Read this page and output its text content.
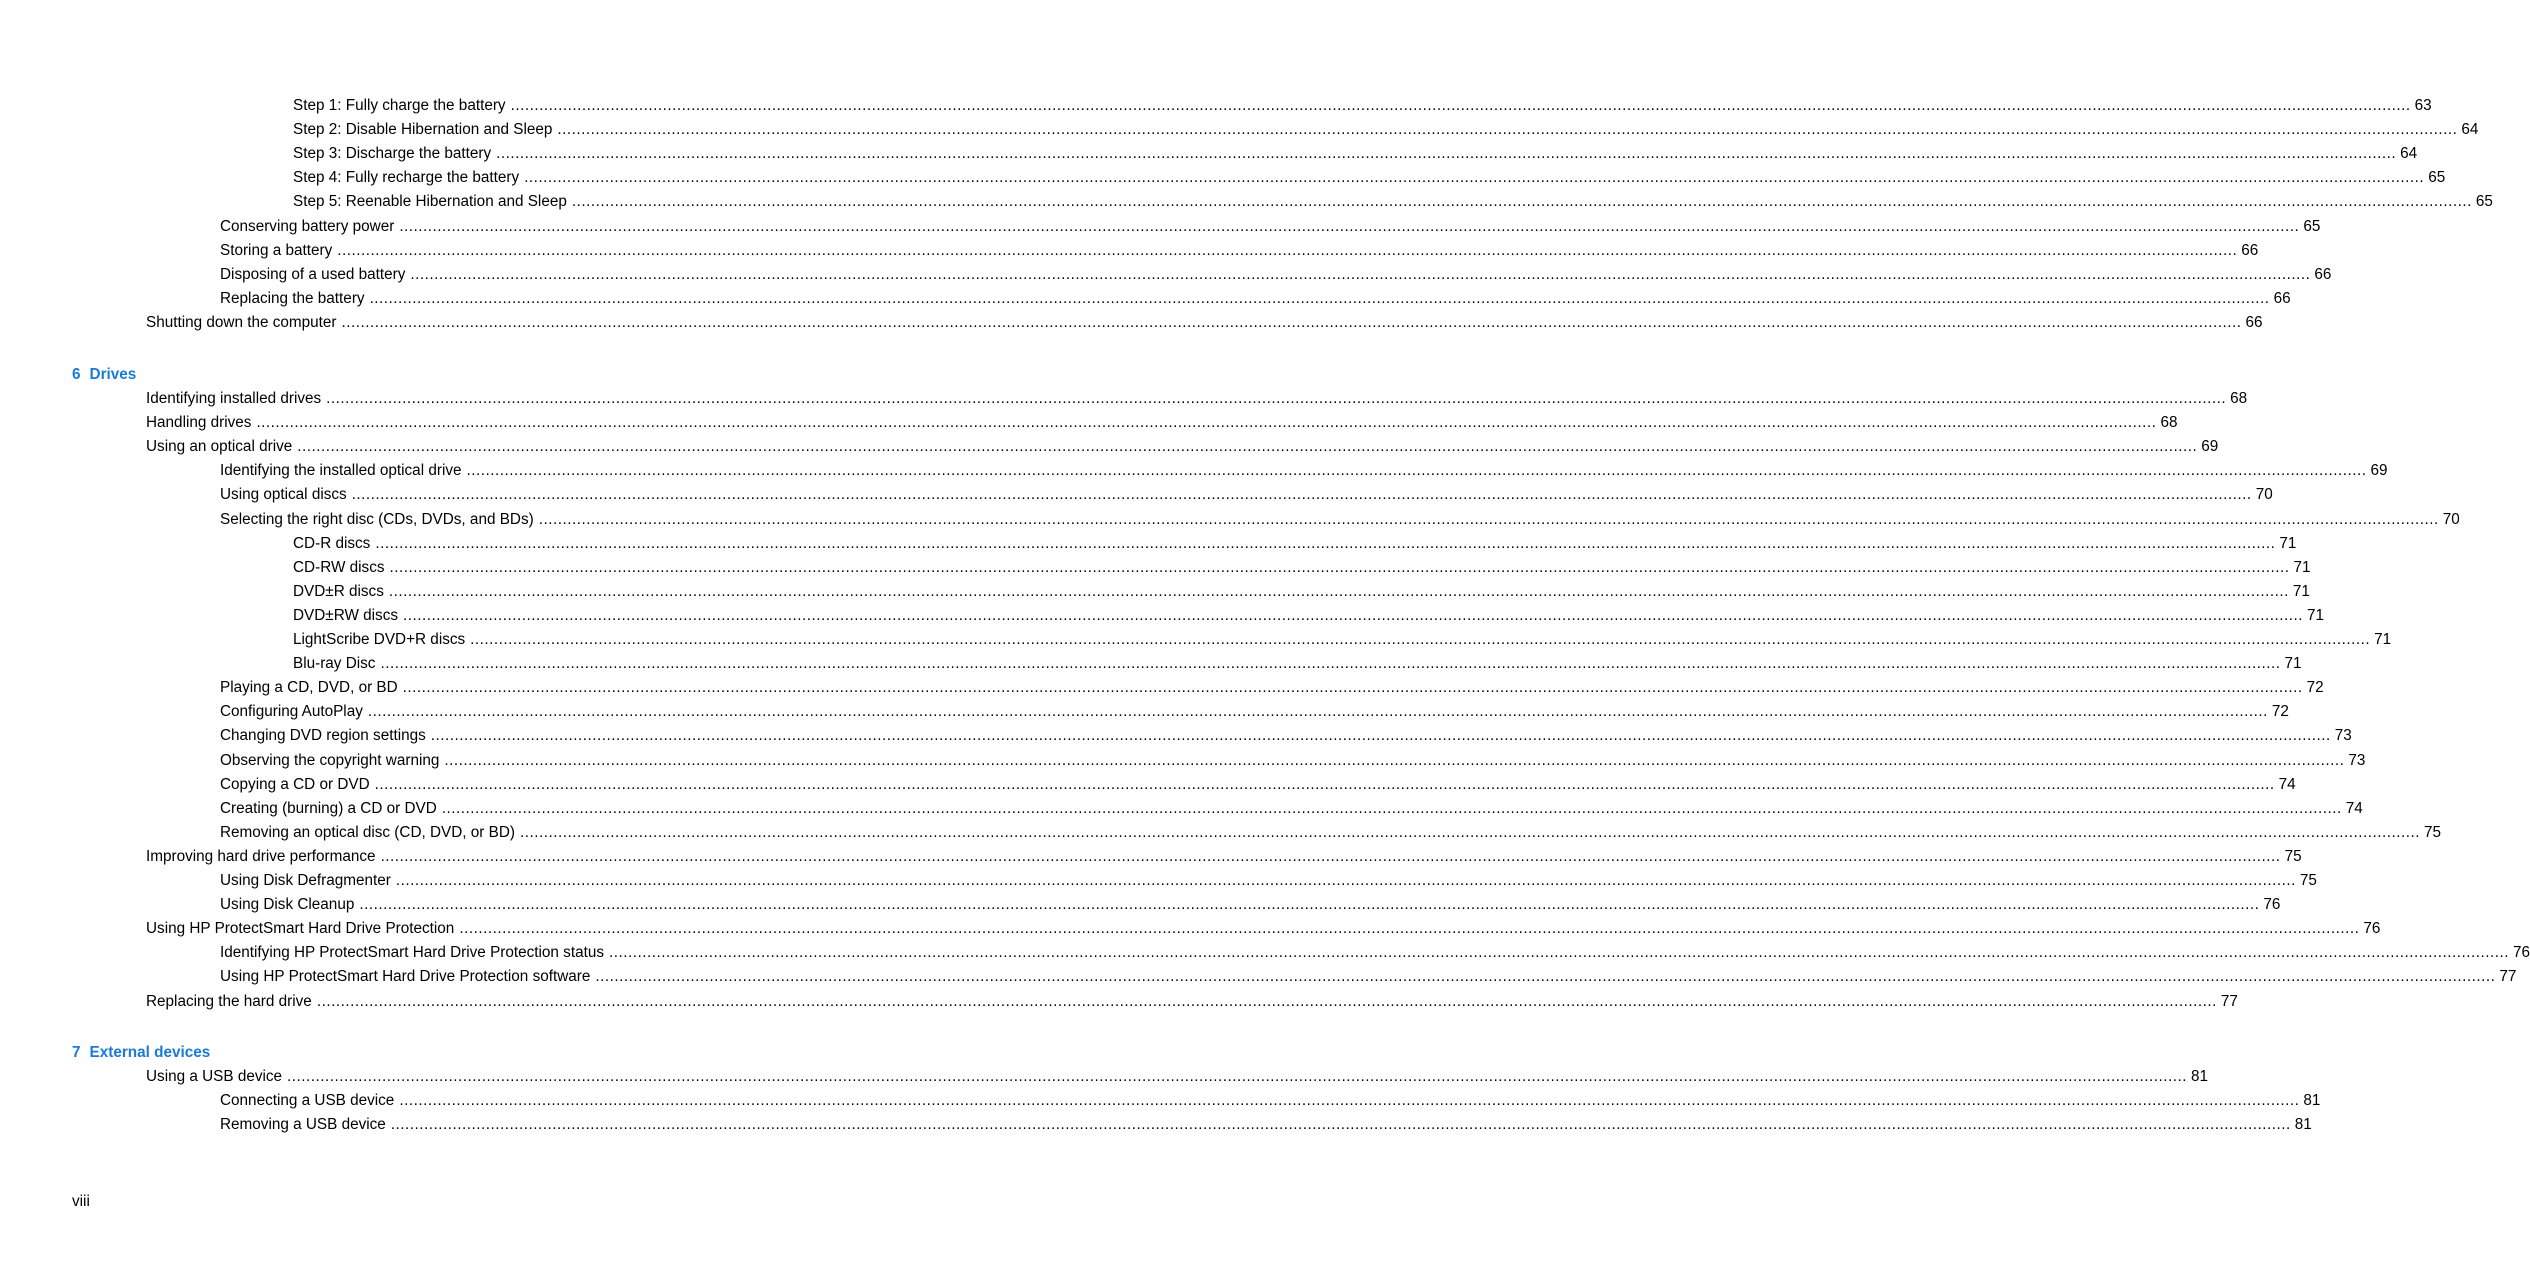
Step 1: Fully charge the battery ................................................................................................................................................................................................................................................................................................................................................................................................................ 63
Step 2: Disable Hibernation and Sleep ................................................................................................................................................................................................................................................................................................................................................................................................................ 64
Step 3: Discharge the battery ................................................................................................................................................................................................................................................................................................................................................................................................................ 64
Step 4: Fully recharge the battery ................................................................................................................................................................................................................................................................................................................................................................................................................ 65
Step 5: Reenable Hibernation and Sleep ................................................................................................................................................................................................................................................................................................................................................................................................................ 65
Conserving battery power ................................................................................................................................................................................................................................................................................................................................................................................................................ 65
Storing a battery ................................................................................................................................................................................................................................................................................................................................................................................................................ 66
Disposing of a used battery ................................................................................................................................................................................................................................................................................................................................................................................................................ 66
Replacing the battery ................................................................................................................................................................................................................................................................................................................................................................................................................ 66
Shutting down the computer ................................................................................................................................................................................................................................................................................................................................................................................................................ 66
6 Drives
Identifying installed drives ................................................................................................................................................................................................................................................................................................................................................................................................................ 68
Handling drives ................................................................................................................................................................................................................................................................................................................................................................................................................ 68
Using an optical drive ................................................................................................................................................................................................................................................................................................................................................................................................................ 69
Identifying the installed optical drive ................................................................................................................................................................................................................................................................................................................................................................................................................ 69
Using optical discs ................................................................................................................................................................................................................................................................................................................................................................................................................ 70
Selecting the right disc (CDs, DVDs, and BDs) ................................................................................................................................................................................................................................................................................................................................................................................................................ 70
CD-R discs ................................................................................................................................................................................................................................................................................................................................................................................................................ 71
CD-RW discs ................................................................................................................................................................................................................................................................................................................................................................................................................ 71
DVD±R discs ................................................................................................................................................................................................................................................................................................................................................................................................................ 71
DVD±RW discs ................................................................................................................................................................................................................................................................................................................................................................................................................ 71
LightScribe DVD+R discs ................................................................................................................................................................................................................................................................................................................................................................................................................ 71
Blu-ray Disc ................................................................................................................................................................................................................................................................................................................................................................................................................ 71
Playing a CD, DVD, or BD ................................................................................................................................................................................................................................................................................................................................................................................................................ 72
Configuring AutoPlay ................................................................................................................................................................................................................................................................................................................................................................................................................ 72
Changing DVD region settings ................................................................................................................................................................................................................................................................................................................................................................................................................ 73
Observing the copyright warning ................................................................................................................................................................................................................................................................................................................................................................................................................ 73
Copying a CD or DVD ................................................................................................................................................................................................................................................................................................................................................................................................................ 74
Creating (burning) a CD or DVD ................................................................................................................................................................................................................................................................................................................................................................................................................ 74
Removing an optical disc (CD, DVD, or BD) ................................................................................................................................................................................................................................................................................................................................................................................................................ 75
Improving hard drive performance ................................................................................................................................................................................................................................................................................................................................................................................................................ 75
Using Disk Defragmenter ................................................................................................................................................................................................................................................................................................................................................................................................................ 75
Using Disk Cleanup ................................................................................................................................................................................................................................................................................................................................................................................................................ 76
Using HP ProtectSmart Hard Drive Protection ................................................................................................................................................................................................................................................................................................................................................................................................................ 76
Identifying HP ProtectSmart Hard Drive Protection status ................................................................................................................................................................................................................................................................................................................................................................................................................ 76
Using HP ProtectSmart Hard Drive Protection software ................................................................................................................................................................................................................................................................................................................................................................................................................ 77
Replacing the hard drive ................................................................................................................................................................................................................................................................................................................................................................................................................ 77
7 External devices
Using a USB device ................................................................................................................................................................................................................................................................................................................................................................................................................ 81
Connecting a USB device ................................................................................................................................................................................................................................................................................................................................................................................................................ 81
Removing a USB device ................................................................................................................................................................................................................................................................................................................................................................................................................ 81
viii
